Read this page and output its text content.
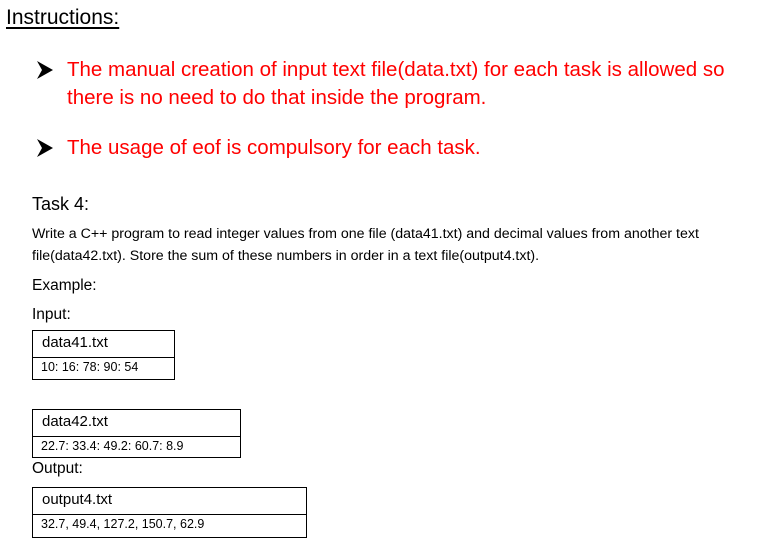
Instructions:
The manual creation of input text file(data.txt) for each task is allowed so there is no need to do that inside the program.
The usage of eof is compulsory for each task.
Task 4:
Write a C++ program to read integer values from one file (data41.txt) and decimal values from another text file(data42.txt). Store the sum of these numbers in order in a text file(output4.txt).
Example:
Input:
data41.txt
10: 16: 78: 90: 54
data42.txt
22.7: 33.4: 49.2: 60.7: 8.9
Output:
output4.txt
32.7, 49.4, 127.2, 150.7, 62.9
